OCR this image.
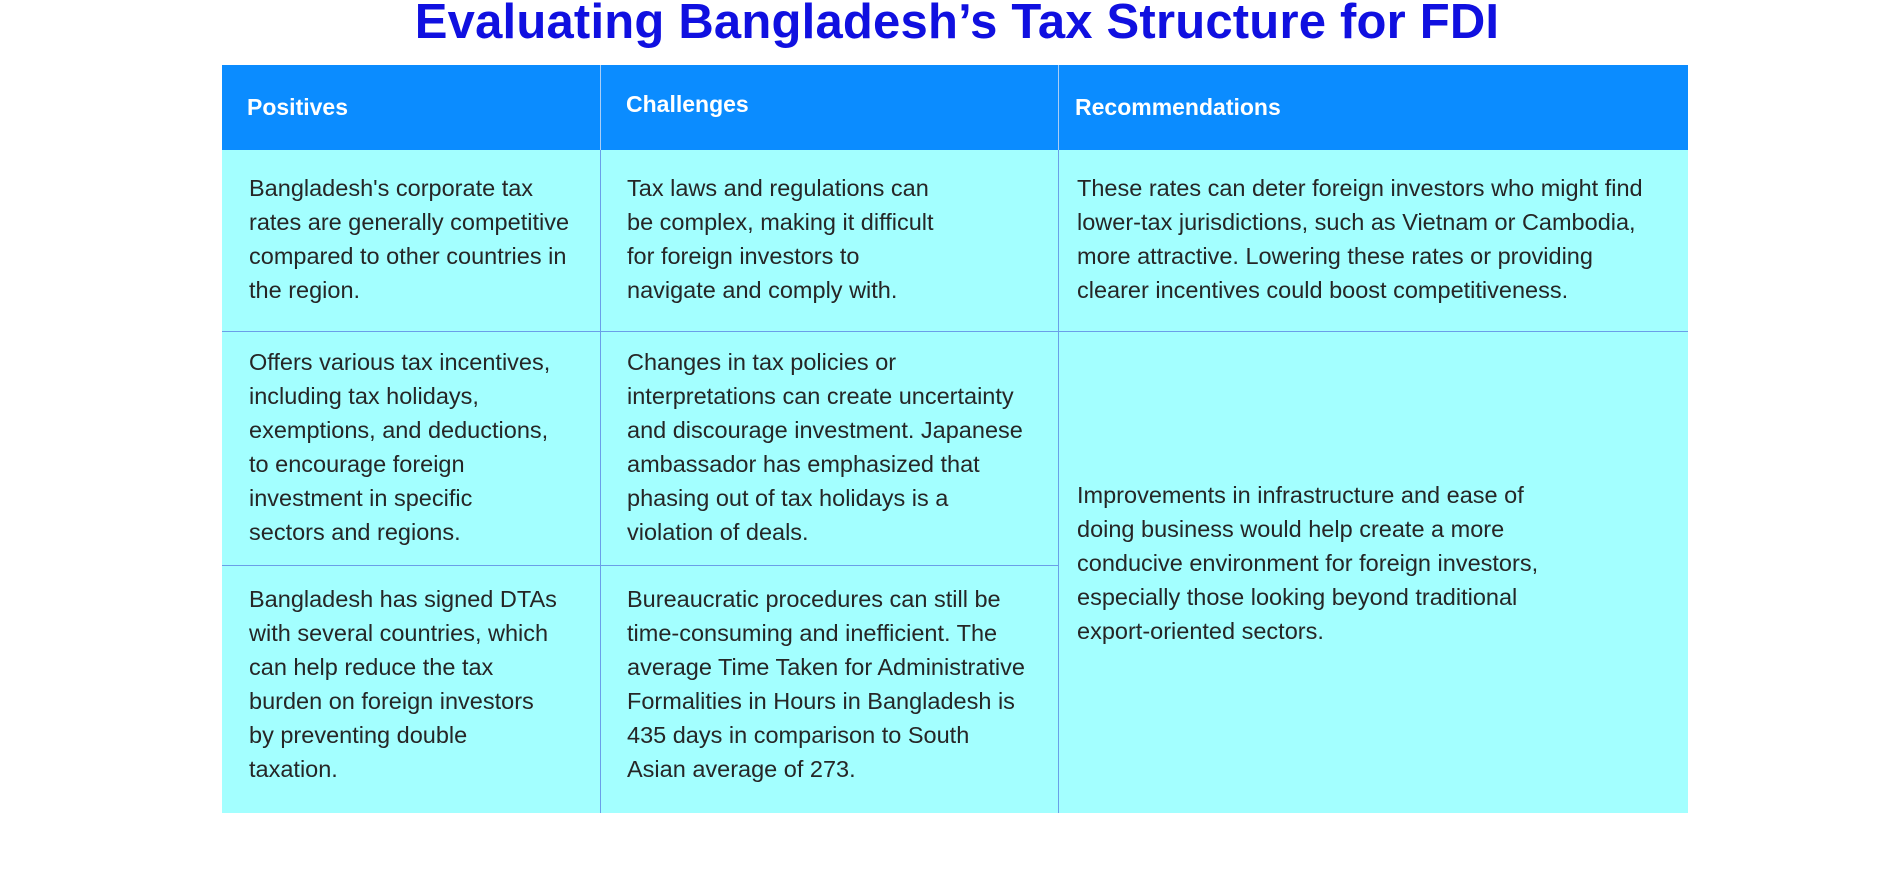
Evaluating Bangladesh’s Tax Structure for FDI
Positives	Challenges	Recommendations
Bangladesh's corporate tax
rates are generally competitive
compared to other countries in
the region.
Tax laws and regulations can
be complex, making it difficult
for foreign investors to
navigate and comply with.
These rates can deter foreign investors who might find
lower-tax jurisdictions, such as Vietnam or Cambodia,
more attractive. Lowering these rates or providing
clearer incentives could boost competitiveness.
Offers various tax incentives,
including tax holidays,
exemptions, and deductions,
to encourage foreign
investment in specific
sectors and regions.
Changes in tax policies or
interpretations can create uncertainty
and discourage investment. Japanese
ambassador has emphasized that
phasing out of tax holidays is a
violation of deals.
Improvements in infrastructure and ease of
doing business would help create a more
conducive environment for foreign investors,
especially those looking beyond traditional
export-oriented sectors.
Bangladesh has signed DTAs
with several countries, which
can help reduce the tax
burden on foreign investors
by preventing double
taxation.
Bureaucratic procedures can still be
time-consuming and inefficient. The
average Time Taken for Administrative
Formalities in Hours in Bangladesh is
435 days in comparison to South
Asian average of 273.
